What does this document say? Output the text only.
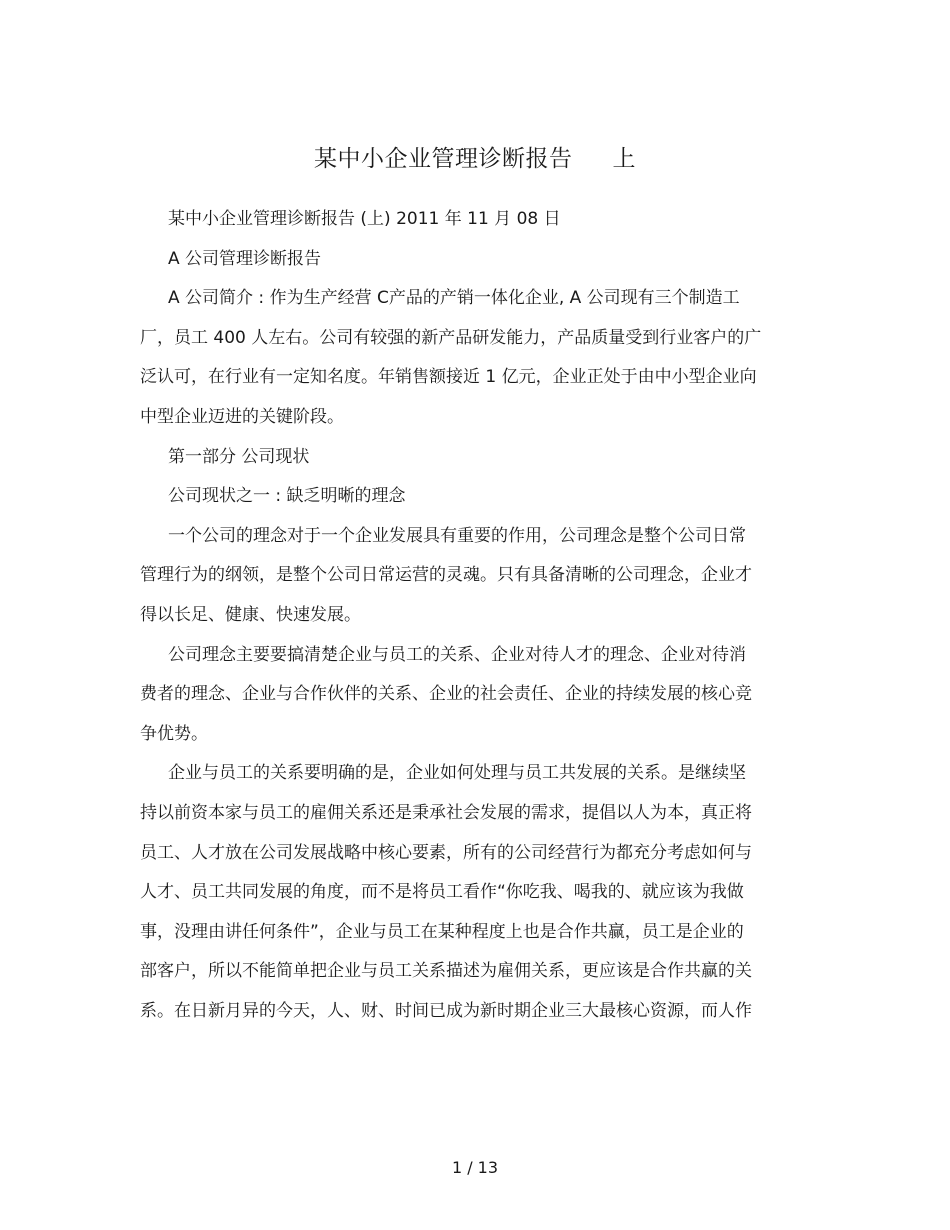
某中小企业管理诊断报告 上
某中小企业管理诊断报告 (上) 2011 年 11 月 08 日
A 公司管理诊断报告
A 公司简介 : 作为生产经营 C产品的产销一体化企业, A 公司现有三个制造工
厂，员工 400 人左右。公司有较强的新产品研发能力，产品质量受到行业客户的广
泛认可，在行业有一定知名度。年销售额接近 1 亿元，企业正处于由中小型企业向
中型企业迈进的关键阶段。
第一部分 公司现状
公司现状之一 : 缺乏明晰的理念
一个公司的理念对于一个企业发展具有重要的作用，公司理念是整个公司日常
管理行为的纲领，是整个公司日常运营的灵魂。只有具备清晰的公司理念，企业才
得以长足、健康、快速发展。
公司理念主要要搞清楚企业与员工的关系、企业对待人才的理念、企业对待消
费者的理念、企业与合作伙伴的关系、企业的社会责任、企业的持续发展的核心竞
争优势。
企业与员工的关系要明确的是，企业如何处理与员工共发展的关系。是继续坚
持以前资本家与员工的雇佣关系还是秉承社会发展的需求，提倡以人为本，真正将
员工、人才放在公司发展战略中核心要素，所有的公司经营行为都充分考虑如何与
人才、员工共同发展的角度，而不是将员工看作“你吃我、喝我的、就应该为我做
事，没理由讲任何条件”，企业与员工在某种程度上也是合作共赢，员工是企业的
部客户，所以不能简单把企业与员工关系描述为雇佣关系，更应该是合作共赢的关
系。在日新月异的今天，人、财、时间已成为新时期企业三大最核心资源，而人作
1 / 13
